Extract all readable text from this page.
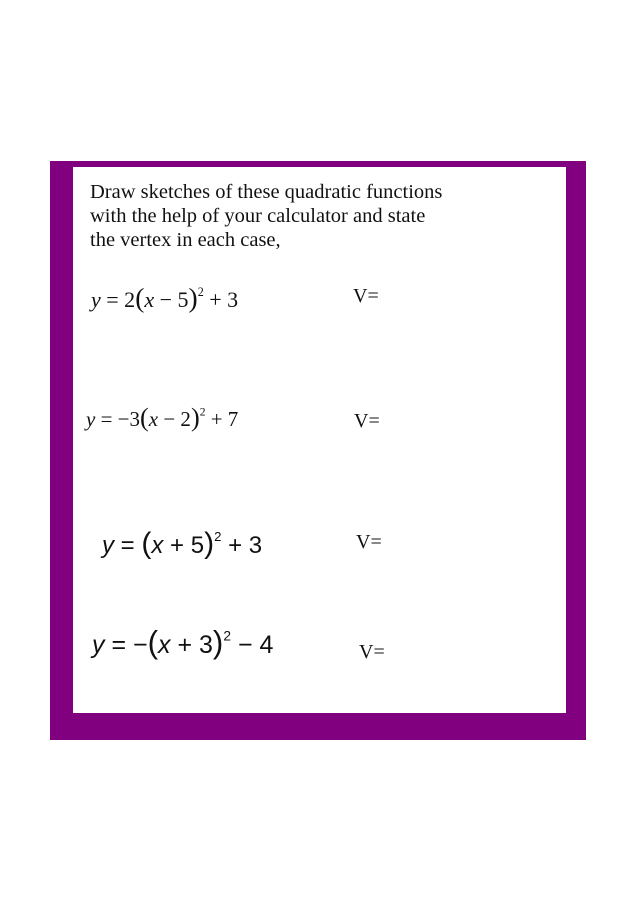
Draw sketches of these quadratic functions
with the help of your calculator and state
the vertex in each case,

$y = 2(x - 5)^2 + 3$	V=
$y = -3(x - 2)^2 + 7$	V=
$y = (x + 5)^2 + 3$	V=
$y = -(x + 3)^2 - 4$	V=
